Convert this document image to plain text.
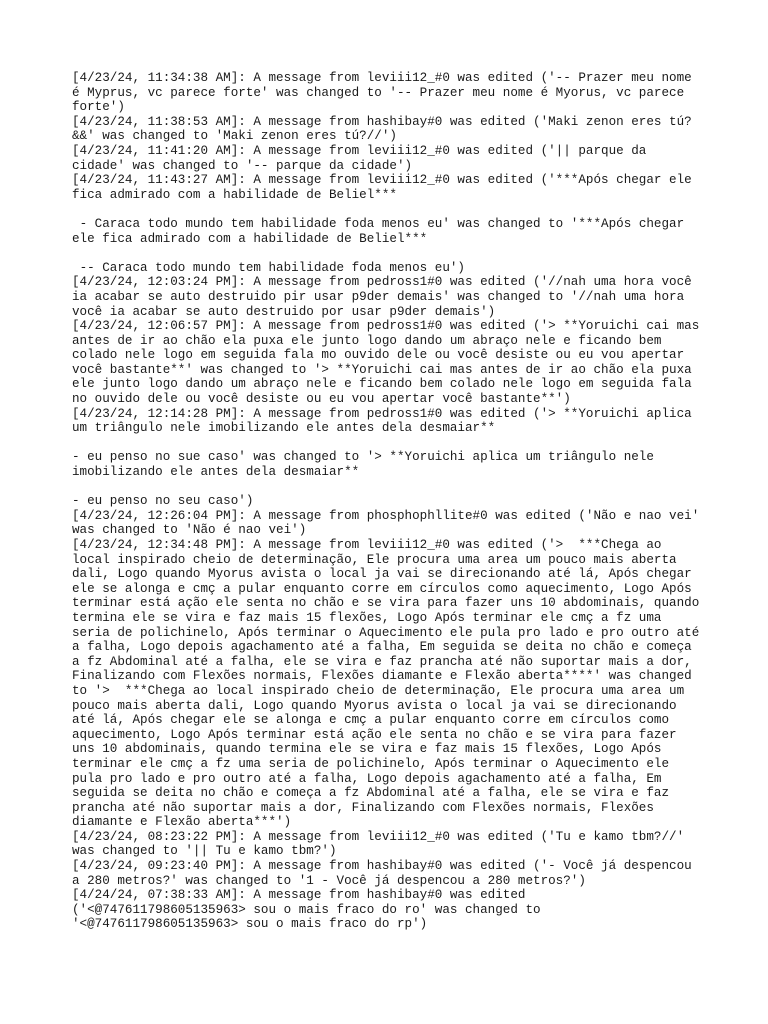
[4/23/24, 11:34:38 AM]: A message from leviii12_#0 was edited ('-- Prazer meu nome é Myprus, vc parece forte' was changed to '-- Prazer meu nome é Myorus, vc parece forte')
[4/23/24, 11:38:53 AM]: A message from hashibay#0 was edited ('Maki zenon eres tú?&&' was changed to 'Maki zenon eres tú?//')
[4/23/24, 11:41:20 AM]: A message from leviii12_#0 was edited ('|| parque da cidade' was changed to '-- parque da cidade')
[4/23/24, 11:43:27 AM]: A message from leviii12_#0 was edited ('***Após chegar ele fica admirado com a habilidade de Beliel***

- Caraca todo mundo tem habilidade foda menos eu' was changed to '***Após chegar ele fica admirado com a habilidade de Beliel***

-- Caraca todo mundo tem habilidade foda menos eu')
[4/23/24, 12:03:24 PM]: A message from pedross1#0 was edited ('//nah uma hora você ia acabar se auto destruido pir usar p9der demais' was changed to '//nah uma hora você ia acabar se auto destruido por usar p9der demais')
[4/23/24, 12:06:57 PM]: A message from pedross1#0 was edited ('> **Yoruichi cai mas antes de ir ao chão ela puxa ele junto logo dando um abraço nele e ficando bem colado nele logo em seguida fala mo ouvido dele ou você desiste ou eu vou apertar você bastante**' was changed to '> **Yoruichi cai mas antes de ir ao chão ela puxa ele junto logo dando um abraço nele e ficando bem colado nele logo em seguida fala no ouvido dele ou você desiste ou eu vou apertar você bastante**')
[4/23/24, 12:14:28 PM]: A message from pedross1#0 was edited ('> **Yoruichi aplica um triângulo nele imobilizando ele antes dela desmaiar**

- eu penso no sue caso' was changed to '> **Yoruichi aplica um triângulo nele imobilizando ele antes dela desmaiar**

- eu penso no seu caso')
[4/23/24, 12:26:04 PM]: A message from phosphophllite#0 was edited ('Não e nao vei' was changed to 'Não é nao vei')
[4/23/24, 12:34:48 PM]: A message from leviii12_#0 was edited ('>  ***Chega ao local inspirado cheio de determinação, Ele procura uma area um pouco mais aberta dali, Logo quando Myorus avista o local ja vai se direcionando até lá, Após chegar ele se alonga e cmç a pular enquanto corre em círculos como aquecimento, Logo Após terminar está ação ele senta no chão e se vira para fazer uns 10 abdominais, quando termina ele se vira e faz mais 15 flexões, Logo Após terminar ele cmç a fz uma seria de polichinelo, Após terminar o Aquecimento ele pula pro lado e pro outro até a falha, Logo depois agachamento até a falha, Em seguida se deita no chão e começa a fz Abdominal até a falha, ele se vira e faz prancha até não suportar mais a dor, Finalizando com Flexões normais, Flexões diamante e Flexão aberta****' was changed to '>  ***Chega ao local inspirado cheio de determinação, Ele procura uma area um pouco mais aberta dali, Logo quando Myorus avista o local ja vai se direcionando até lá, Após chegar ele se alonga e cmç a pular enquanto corre em círculos como aquecimento, Logo Após terminar está ação ele senta no chão e se vira para fazer uns 10 abdominais, quando termina ele se vira e faz mais 15 flexões, Logo Após terminar ele cmç a fz uma seria de polichinelo, Após terminar o Aquecimento ele pula pro lado e pro outro até a falha, Logo depois agachamento até a falha, Em seguida se deita no chão e começa a fz Abdominal até a falha, ele se vira e faz prancha até não suportar mais a dor, Finalizando com Flexões normais, Flexões diamante e Flexão aberta***')
[4/23/24, 08:23:22 PM]: A message from leviii12_#0 was edited ('Tu e kamo tbm?//' was changed to '|| Tu e kamo tbm?')
[4/23/24, 09:23:40 PM]: A message from hashibay#0 was edited ('- Você já despencou a 280 metros?' was changed to '1 - Você já despencou a 280 metros?')
[4/24/24, 07:38:33 AM]: A message from hashibay#0 was edited ('<@747611798605135963> sou o mais fraco do ro' was changed to '<@747611798605135963> sou o mais fraco do rp')
